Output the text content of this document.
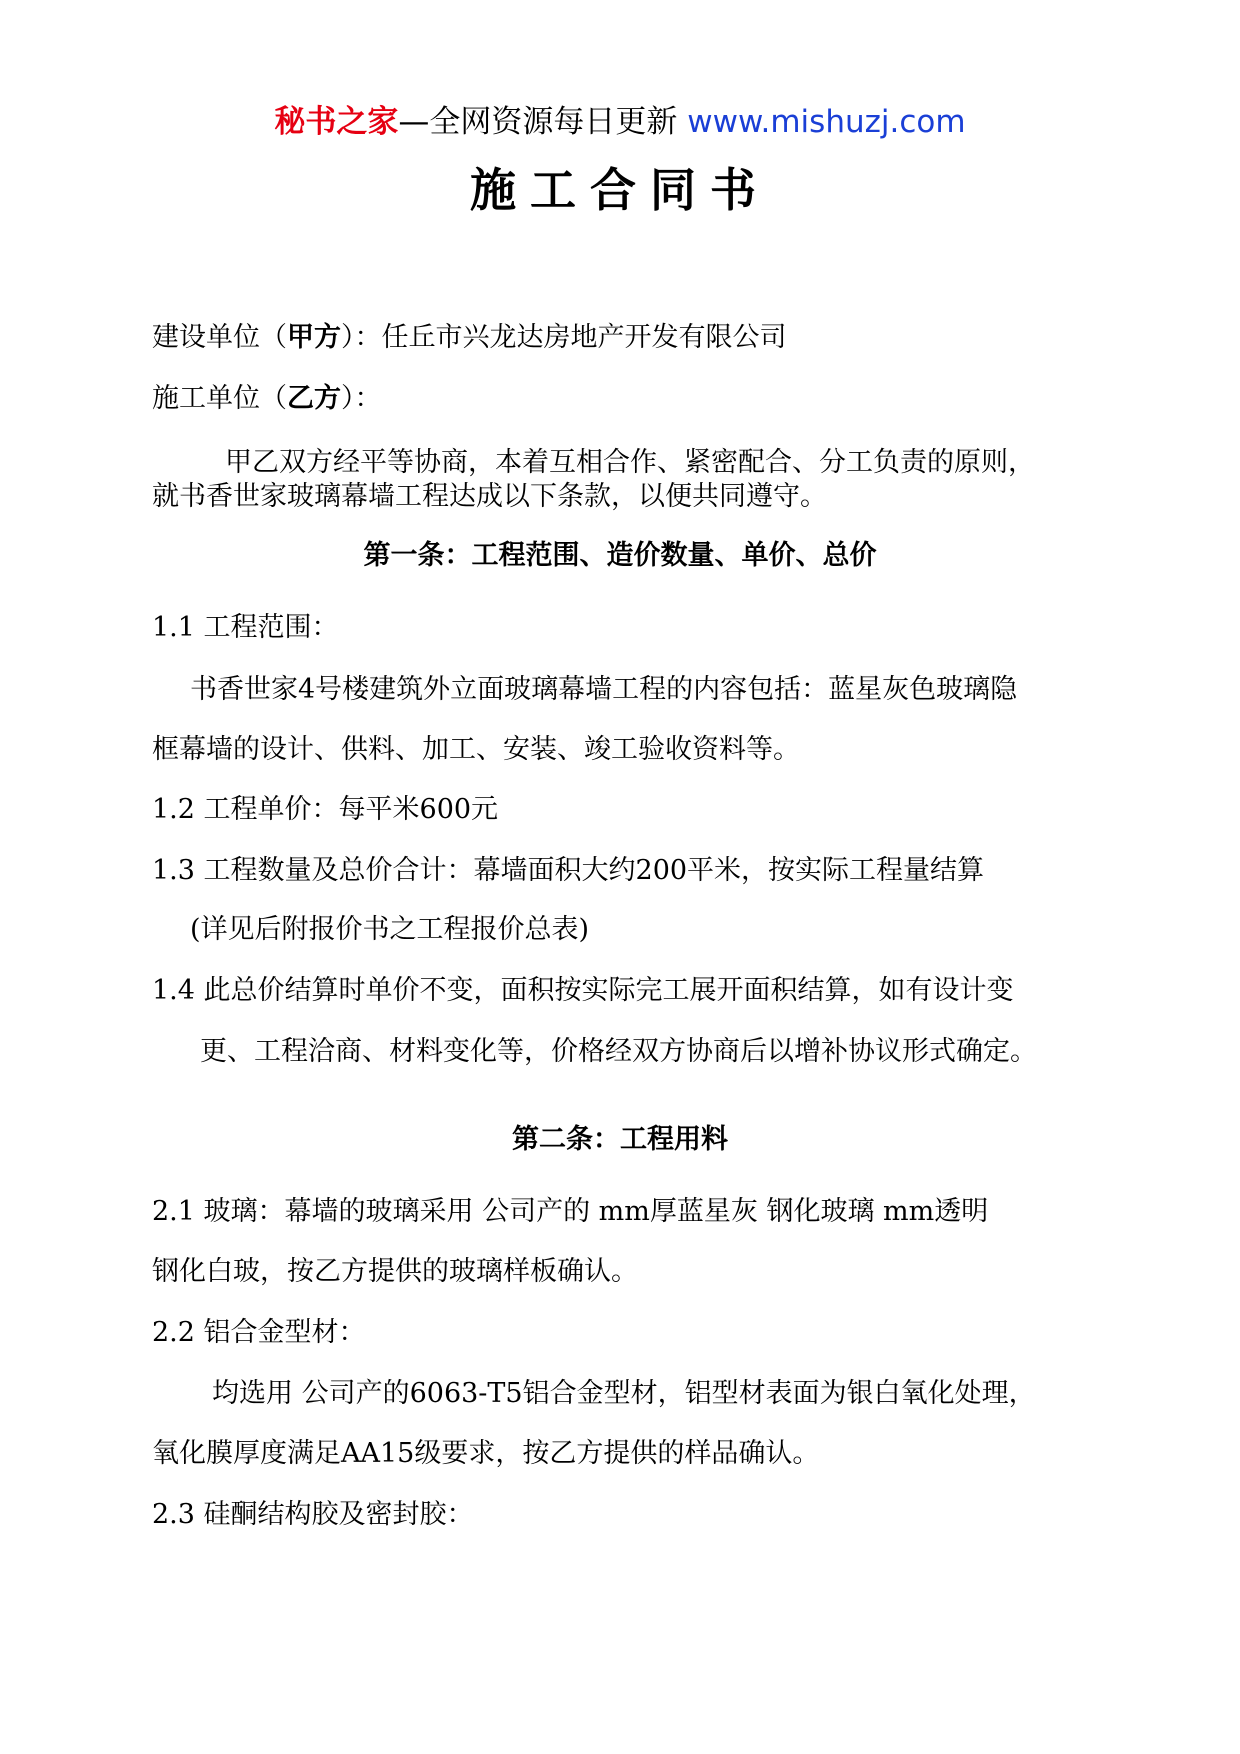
秘书之家—全网资源每日更新 www.mishuzj.com
施工合同书
建设单位（甲方）：任丘市兴龙达房地产开发有限公司
施工单位（乙方）：
甲乙双方经平等协商，本着互相合作、紧密配合、分工负责的原则，
就书香世家玻璃幕墙工程达成以下条款，以便共同遵守。
第一条：工程范围、造价数量、单价、总价
1.1 工程范围：
书香世家4号楼建筑外立面玻璃幕墙工程的内容包括：蓝星灰色玻璃隐
框幕墙的设计、供料、加工、安装、竣工验收资料等。
1.2 工程单价：每平米600元
1.3 工程数量及总价合计：幕墙面积大约200平米，按实际工程量结算
(详见后附报价书之工程报价总表)
1.4 此总价结算时单价不变，面积按实际完工展开面积结算，如有设计变
更、工程洽商、材料变化等，价格经双方协商后以增补协议形式确定。
第二条：工程用料
2.1 玻璃：幕墙的玻璃采用 公司产的 mm厚蓝星灰 钢化玻璃 mm透明
钢化白玻，按乙方提供的玻璃样板确认。
2.2 铝合金型材：
均选用 公司产的6063-T5铝合金型材，铝型材表面为银白氧化处理，
氧化膜厚度满足AA15级要求，按乙方提供的样品确认。
2.3 硅酮结构胶及密封胶：
